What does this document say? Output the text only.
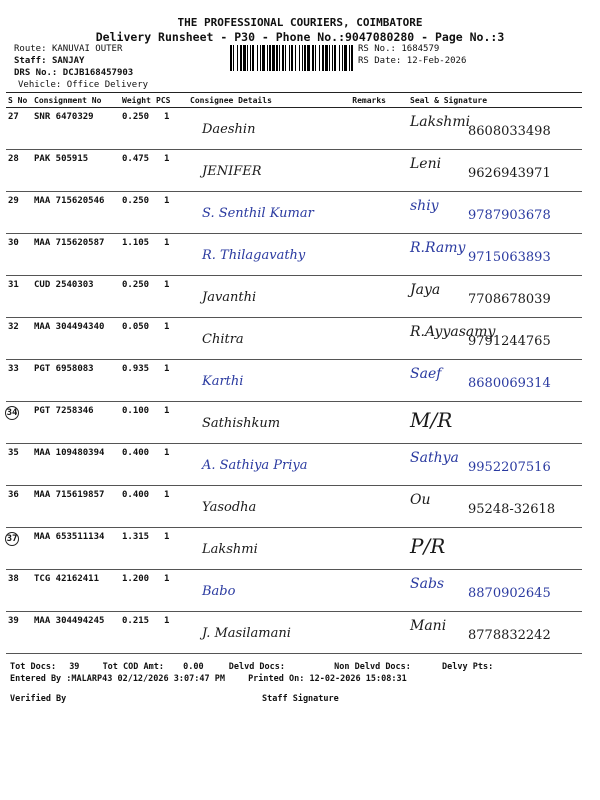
THE PROFESSIONAL COURIERS, COIMBATORE
Delivery Runsheet - P30 - Phone No.:9047080280 - Page No.:3
Route: KANUVAI OUTER
Staff: SANJAY
DRS No.: DCJB168457903
Vehicle: Office Delivery
RS No.: 1684579
RS Date: 12-Feb-2026
S No	Consignment No	Weight	PCS	Consignee Details	Remarks	Seal & Signature
27	SNR 6470329	0.250	1	Daeshin		Lakshmi
8608033498

28	PAK 505915	0.475	1	JENIFER		Leni
9626943971

29	MAA 715620546	0.250	1	S. Senthil Kumar		shiy
9787903678

30	MAA 715620587	1.105	1	R. Thilagavathy		R.Ramy
9715063893

31	CUD 2540303	0.250	1	Javanthi		Jaya
7708678039

32	MAA 304494340	0.050	1	Chitra		R.Ayyasamy
9791244765

33	PGT 6958083	0.935	1	Karthi		Saef
8680069314

34	PGT 7258346	0.100	1	Sathishkum		M/R

35	MAA 109480394	0.400	1	A. Sathiya Priya		Sathya
9952207516

36	MAA 715619857	0.400	1	Yasodha		Ou
95248-32618

37	MAA 653511134	1.315	1	Lakshmi		P/R

38	TCG 42162411	1.200	1	Babo		Sabs
8870902645

39	MAA 304494245	0.215	1	J. Masilamani		Mani
8778832242
Tot Docs: 39	Tot COD Amt: 0.00	Delvd Docs:	Non Delvd Docs:	Delvy Pts:
Entered By :MALARP43 02/12/2026 3:07:47 PM	Printed On: 12-02-2026 15:08:31
Verified By	Staff Signature
